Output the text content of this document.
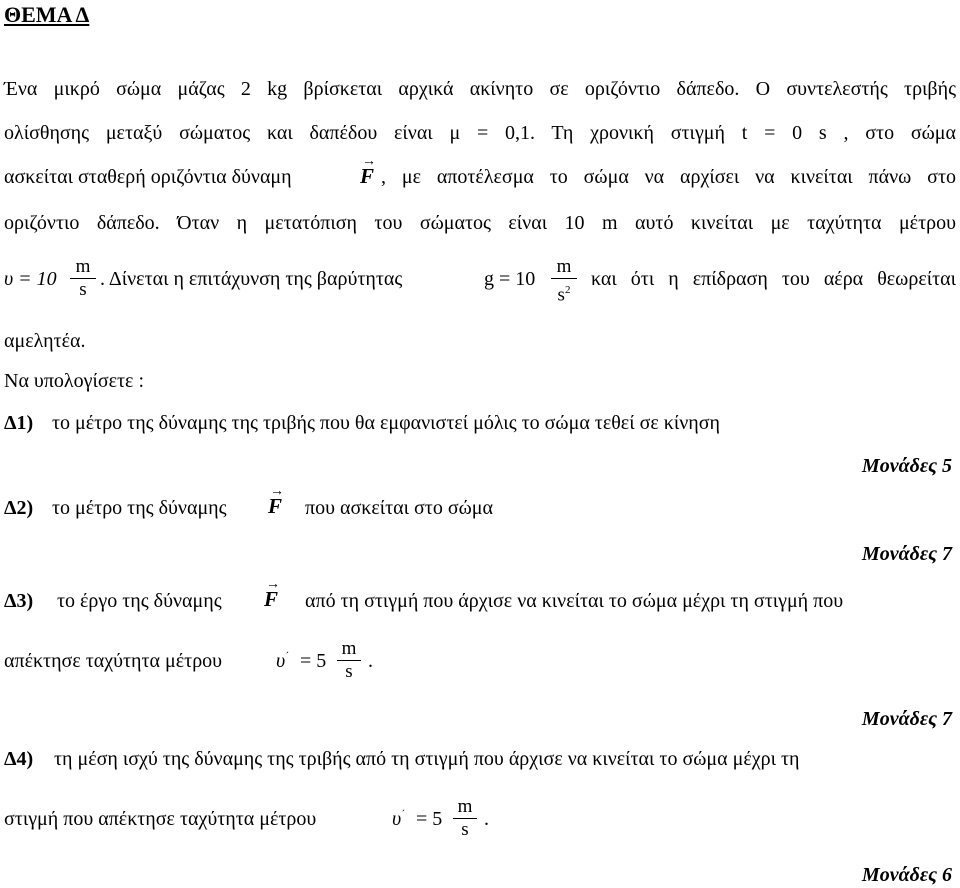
ΘΕΜΑ Δ
Ένα μικρό σώμα μάζας 2 kg βρίσκεται αρχικά ακίνητο σε οριζόντιο δάπεδο. Ο συντελεστής τριβής
ολίσθησης μεταξύ σώματος και δαπέδου είναι μ = 0,1. Τη χρονική στιγμή t = 0 s , στο σώμα
ασκείται σταθερή οριζόντια δύναμη
→
F , με αποτέλεσμα το σώμα να αρχίσει να κινείται πάνω στο
οριζόντιο δάπεδο. Όταν η μετατόπιση του σώματος είναι 10 m αυτό κινείται με ταχύτητα μέτρου
υ = 10
m
s . Δίνεται η επιτάχυνση της βαρύτητας	g = 10
m
$s^2$	και ότι η επίδραση του αέρα θεωρείται
αμελητέα.
Να υπολογίσετε :
Δ1) το μέτρο της δύναμης της τριβής που θα εμφανιστεί μόλις το σώμα τεθεί σε κίνηση
Μονάδες 5
Δ2) το μέτρο της δύναμης
→
F που ασκείται στο σώμα
Μονάδες 7
Δ3) το έργο της δύναμης
→
F από τη στιγμή που άρχισε να κινείται το σώμα μέχρι τη στιγμή που
απέκτησε ταχύτητα μέτρου	υ΄ = 5
m
s .
Μονάδες 7
Δ4) τη μέση ισχύ της δύναμης της τριβής από τη στιγμή που άρχισε να κινείται το σώμα μέχρι τη
στιγμή που απέκτησε ταχύτητα μέτρου	υ΄ = 5
m
s .
Μονάδες 6
